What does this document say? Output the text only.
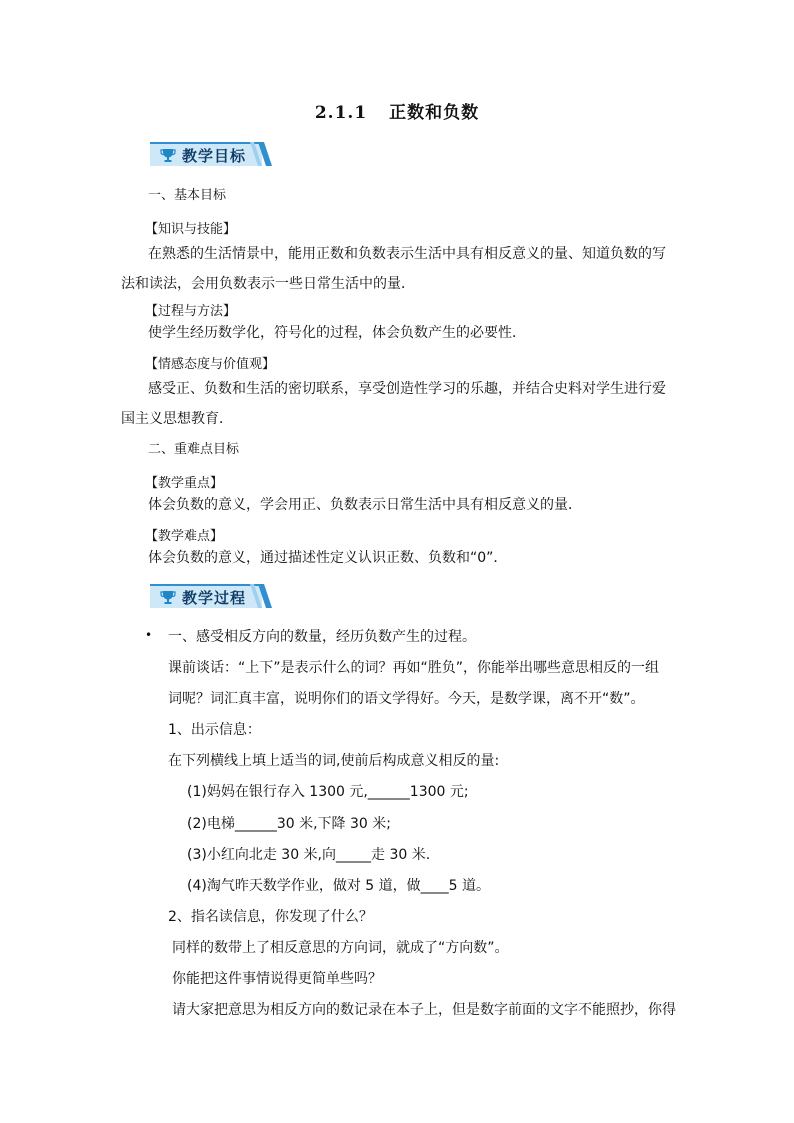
2.1.1 正数和负数
教学目标
一、基本目标
【知识与技能】
在熟悉的生活情景中，能用正数和负数表示生活中具有相反意义的量、知道负数的写法和读法，会用负数表示一些日常生活中的量．
【过程与方法】
使学生经历数学化，符号化的过程，体会负数产生的必要性．
【情感态度与价值观】
感受正、负数和生活的密切联系，享受创造性学习的乐趣，并结合史料对学生进行爱国主义思想教育．
二、重难点目标
【教学重点】
体会负数的意义，学会用正、负数表示日常生活中具有相反意义的量．
【教学难点】
体会负数的意义，通过描述性定义认识正数、负数和“0”．
教学过程
• 一、感受相反方向的数量，经历负数产生的过程。
课前谈话：“上下”是表示什么的词？再如“胜负”，你能举出哪些意思相反的一组
词呢？词汇真丰富，说明你们的语文学得好。今天，是数学课，离不开“数”。
1、出示信息：
在下列横线上填上适当的词,使前后构成意义相反的量:
(1)妈妈在银行存入 1300 元,______1300 元;
(2)电梯______30 米,下降 30 米;
(3)小红向北走 30 米,向_____走 30 米.
(4)淘气昨天数学作业，做对 5 道，做____5 道。
2、指名读信息，你发现了什么？
同样的数带上了相反意思的方向词，就成了“方向数”。
你能把这件事情说得更简单些吗？
请大家把意思为相反方向的数记录在本子上，但是数字前面的文字不能照抄，你得
